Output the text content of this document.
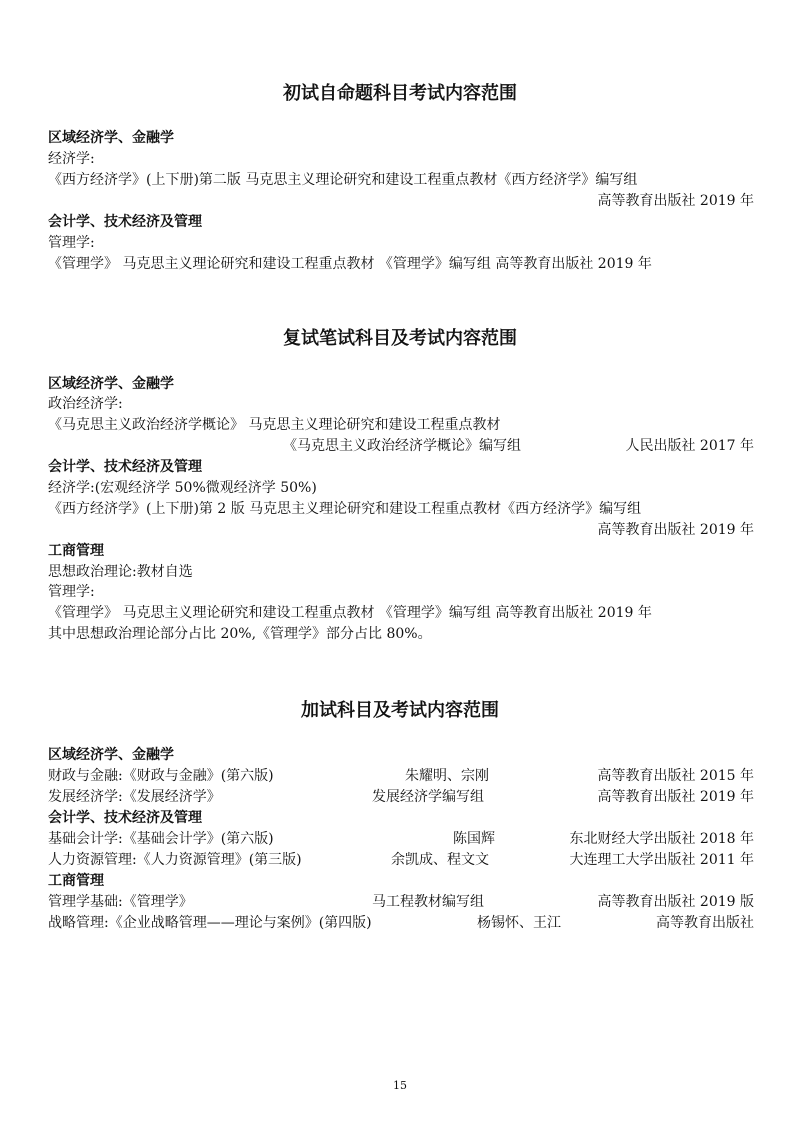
初试自命题科目考试内容范围
区域经济学、金融学
经济学:
《西方经济学》(上下册)第二版 马克思主义理论研究和建设工程重点教材《西方经济学》编写组
高等教育出版社 2019 年
会计学、技术经济及管理
管理学:
《管理学》 马克思主义理论研究和建设工程重点教材 《管理学》编写组 高等教育出版社 2019 年
复试笔试科目及考试内容范围
区域经济学、金融学
政治经济学:
《马克思主义政治经济学概论》 马克思主义理论研究和建设工程重点教材
《马克思主义政治经济学概论》编写组	人民出版社 2017 年
会计学、技术经济及管理
经济学:(宏观经济学 50%微观经济学 50%)
《西方经济学》(上下册)第 2 版 马克思主义理论研究和建设工程重点教材《西方经济学》编写组
高等教育出版社 2019 年
工商管理
思想政治理论:教材自选
管理学:
《管理学》 马克思主义理论研究和建设工程重点教材 《管理学》编写组 高等教育出版社 2019 年
其中思想政治理论部分占比 20%,《管理学》部分占比 80%。
加试科目及考试内容范围
区域经济学、金融学
财政与金融:《财政与金融》(第六版)	朱耀明、宗刚	高等教育出版社 2015 年
发展经济学:《发展经济学》	发展经济学编写组	高等教育出版社 2019 年
会计学、技术经济及管理
基础会计学:《基础会计学》(第六版)	陈国辉	东北财经大学出版社 2018 年
人力资源管理:《人力资源管理》(第三版)	余凯成、程文文	大连理工大学出版社 2011 年
工商管理
管理学基础:《管理学》	马工程教材编写组	高等教育出版社 2019 版
战略管理:《企业战略管理——理论与案例》(第四版)	杨锡怀、王江	高等教育出版社
15
